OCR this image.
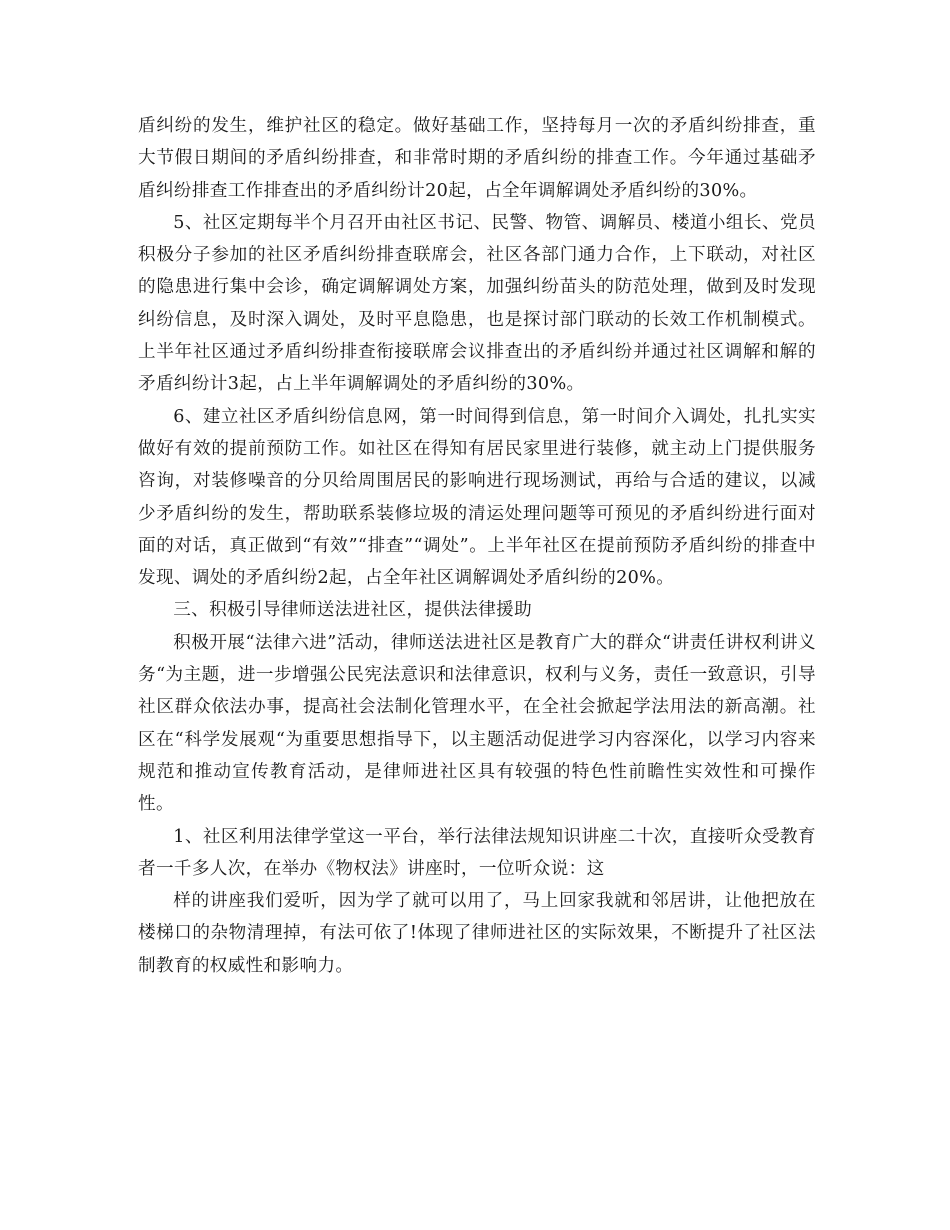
盾纠纷的发生，维护社区的稳定。做好基础工作，坚持每月一次的矛盾纠纷排查，重大节假日期间的矛盾纠纷排查，和非常时期的矛盾纠纷的排查工作。今年通过基础矛盾纠纷排查工作排查出的矛盾纠纷计20起，占全年调解调处矛盾纠纷的30%。

5、社区定期每半个月召开由社区书记、民警、物管、调解员、楼道小组长、党员积极分子参加的社区矛盾纠纷排查联席会，社区各部门通力合作，上下联动，对社区的隐患进行集中会诊，确定调解调处方案，加强纠纷苗头的防范处理，做到及时发现纠纷信息，及时深入调处，及时平息隐患，也是探讨部门联动的长效工作机制模式。上半年社区通过矛盾纠纷排查衔接联席会议排查出的矛盾纠纷并通过社区调解和解的矛盾纠纷计3起，占上半年调解调处的矛盾纠纷的30%。

6、建立社区矛盾纠纷信息网，第一时间得到信息，第一时间介入调处，扎扎实实做好有效的提前预防工作。如社区在得知有居民家里进行装修，就主动上门提供服务咨询，对装修噪音的分贝给周围居民的影响进行现场测试，再给与合适的建议，以减少矛盾纠纷的发生，帮助联系装修垃圾的清运处理问题等可预见的矛盾纠纷进行面对面的对话，真正做到“有效”“排查”“调处”。上半年社区在提前预防矛盾纠纷的排查中发现、调处的矛盾纠纷2起，占全年社区调解调处矛盾纠纷的20%。

三、积极引导律师送法进社区，提供法律援助

积极开展“法律六进”活动，律师送法进社区是教育广大的群众“讲责任讲权利讲义务“为主题，进一步增强公民宪法意识和法律意识，权利与义务，责任一致意识，引导社区群众依法办事，提高社会法制化管理水平，在全社会掀起学法用法的新高潮。社区在“科学发展观“为重要思想指导下，以主题活动促进学习内容深化，以学习内容来规范和推动宣传教育活动，是律师进社区具有较强的特色性前瞻性实效性和可操作性。

1、社区利用法律学堂这一平台，举行法律法规知识讲座二十次，直接听众受教育者一千多人次，在举办《物权法》讲座时，一位听众说：这

样的讲座我们爱听，因为学了就可以用了，马上回家我就和邻居讲，让他把放在楼梯口的杂物清理掉，有法可依了!体现了律师进社区的实际效果，不断提升了社区法制教育的权威性和影响力。
